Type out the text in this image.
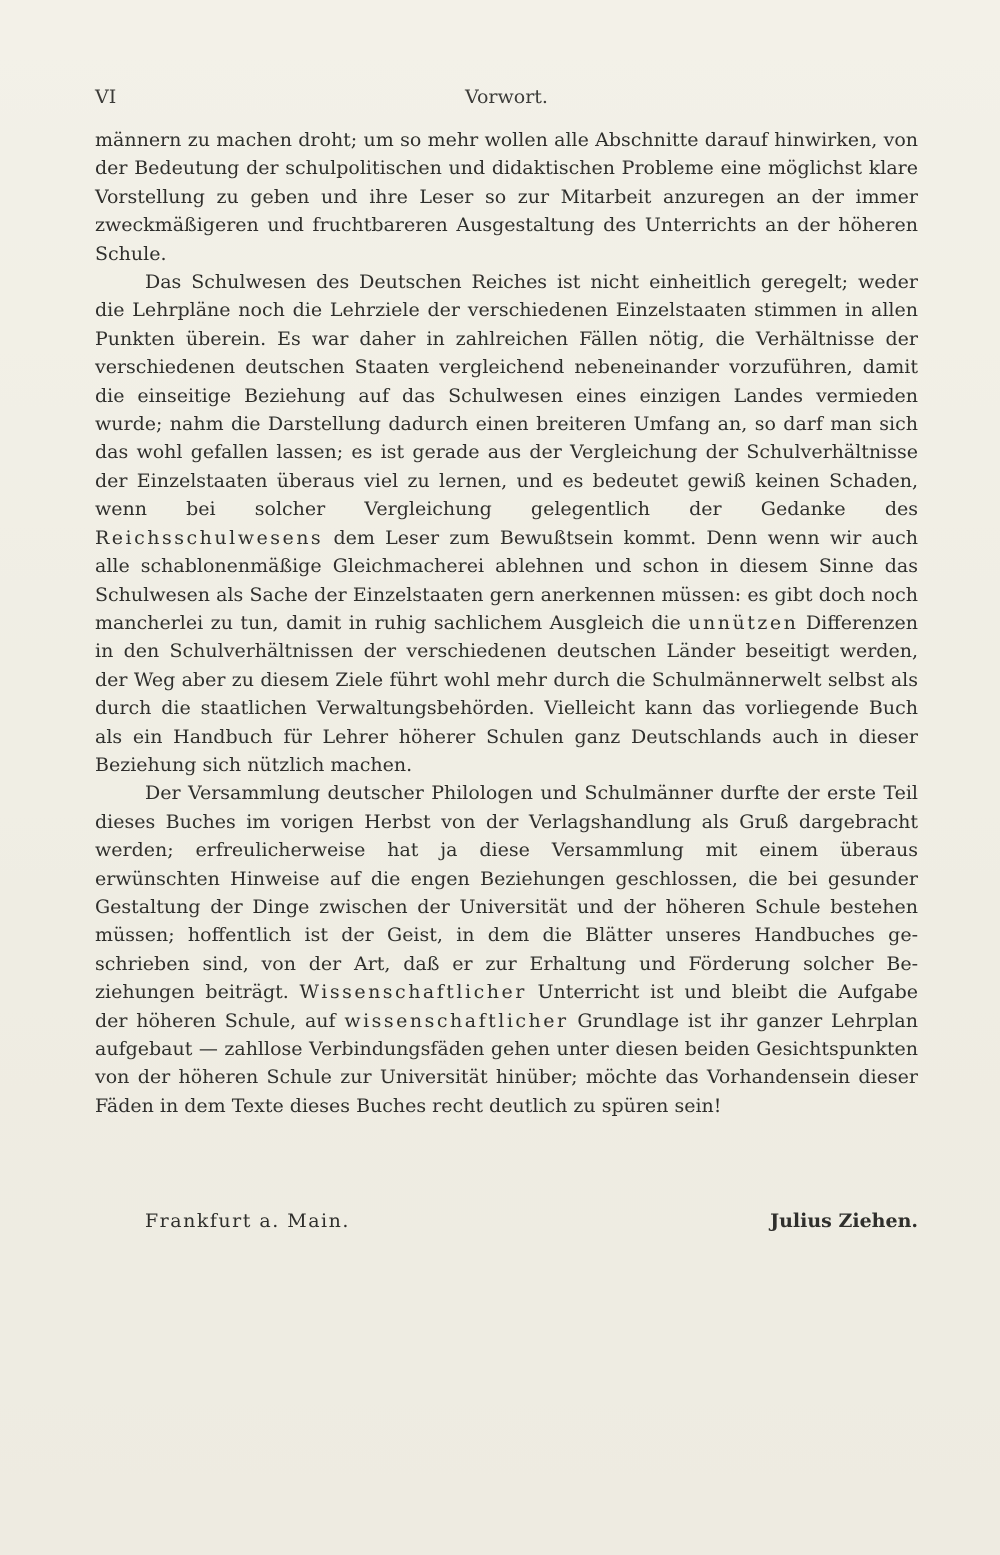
VI	Vorwort.

männern zu machen droht; um so mehr wollen alle Abschnitte darauf hinwirken, von der Bedeutung der schulpolitischen und didaktischen Probleme eine möglichst klare Vorstellung zu geben und ihre Leser so zur Mitarbeit anzuregen an der immer zweckmäßigeren und fruchtbareren Ausgestaltung des Unterrichts an der höheren Schule.

Das Schulwesen des Deutschen Reiches ist nicht einheitlich geregelt; weder die Lehrpläne noch die Lehrziele der verschiedenen Einzelstaaten stimmen in allen Punkten überein. Es war daher in zahlreichen Fällen nötig, die Verhältnisse der verschiedenen deutschen Staaten vergleichend nebeneinander vorzuführen, damit die einseitige Beziehung auf das Schulwesen eines einzigen Landes vermieden wurde; nahm die Darstellung dadurch einen breiteren Umfang an, so darf man sich das wohl gefallen lassen; es ist gerade aus der Vergleichung der Schulverhältnisse der Einzelstaaten überaus viel zu lernen, und es bedeutet gewiß keinen Schaden, wenn bei solcher Vergleichung gelegentlich der Gedanke des Reichsschulwesens dem Leser zum Bewußtsein kommt. Denn wenn wir auch alle schablonenmäßige Gleichmacherei ablehnen und schon in diesem Sinne das Schulwesen als Sache der Einzelstaaten gern anerkennen müssen: es gibt doch noch mancherlei zu tun, damit in ruhig sachlichem Ausgleich die unnützen Differenzen in den Schulverhältnissen der verschiedenen deutschen Länder beseitigt werden, der Weg aber zu diesem Ziele führt wohl mehr durch die Schulmännerwelt selbst als durch die staatlichen Verwaltungsbehörden. Vielleicht kann das vorliegende Buch als ein Handbuch für Lehrer höherer Schulen ganz Deutschlands auch in dieser Beziehung sich nützlich machen.

Der Versammlung deutscher Philologen und Schulmänner durfte der erste Teil dieses Buches im vorigen Herbst von der Verlagshandlung als Gruß dargebracht werden; erfreulicherweise hat ja diese Versammlung mit einem überaus erwünschten Hinweise auf die engen Beziehungen geschlossen, die bei gesunder Gestaltung der Dinge zwischen der Universität und der höheren Schule bestehen müssen; hoffentlich ist der Geist, in dem die Blätter unseres Handbuches geschrieben sind, von der Art, daß er zur Erhaltung und Förderung solcher Beziehungen beiträgt. Wissenschaftlicher Unterricht ist und bleibt die Aufgabe der höheren Schule, auf wissenschaftlicher Grundlage ist ihr ganzer Lehrplan aufgebaut — zahllose Verbindungsfäden gehen unter diesen beiden Gesichtspunkten von der höheren Schule zur Universität hinüber; möchte das Vorhandensein dieser Fäden in dem Texte dieses Buches recht deutlich zu spüren sein!

Frankfurt a. Main.	Julius Ziehen.
